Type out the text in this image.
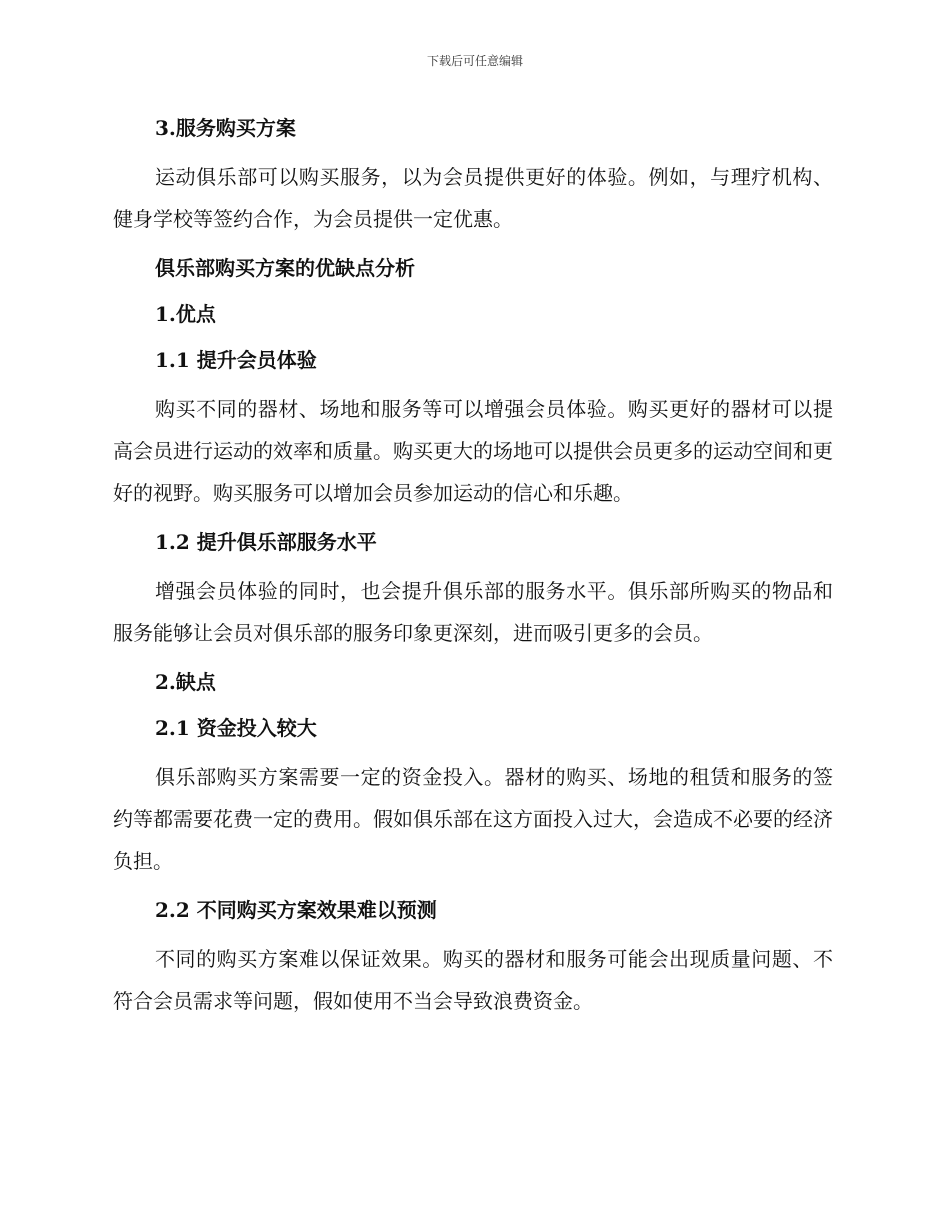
下载后可任意编辑
3.服务购买方案

运动俱乐部可以购买服务，以为会员提供更好的体验。例如，与理疗机构、健身学校等签约合作，为会员提供一定优惠。

俱乐部购买方案的优缺点分析
1.优点
1.1 提升会员体验

购买不同的器材、场地和服务等可以增强会员体验。购买更好的器材可以提高会员进行运动的效率和质量。购买更大的场地可以提供会员更多的运动空间和更好的视野。购买服务可以增加会员参加运动的信心和乐趣。

1.2 提升俱乐部服务水平

增强会员体验的同时，也会提升俱乐部的服务水平。俱乐部所购买的物品和服务能够让会员对俱乐部的服务印象更深刻，进而吸引更多的会员。

2.缺点
2.1 资金投入较大

俱乐部购买方案需要一定的资金投入。器材的购买、场地的租赁和服务的签约等都需要花费一定的费用。假如俱乐部在这方面投入过大，会造成不必要的经济负担。

2.2 不同购买方案效果难以预测

不同的购买方案难以保证效果。购买的器材和服务可能会出现质量问题、不符合会员需求等问题，假如使用不当会导致浪费资金。
